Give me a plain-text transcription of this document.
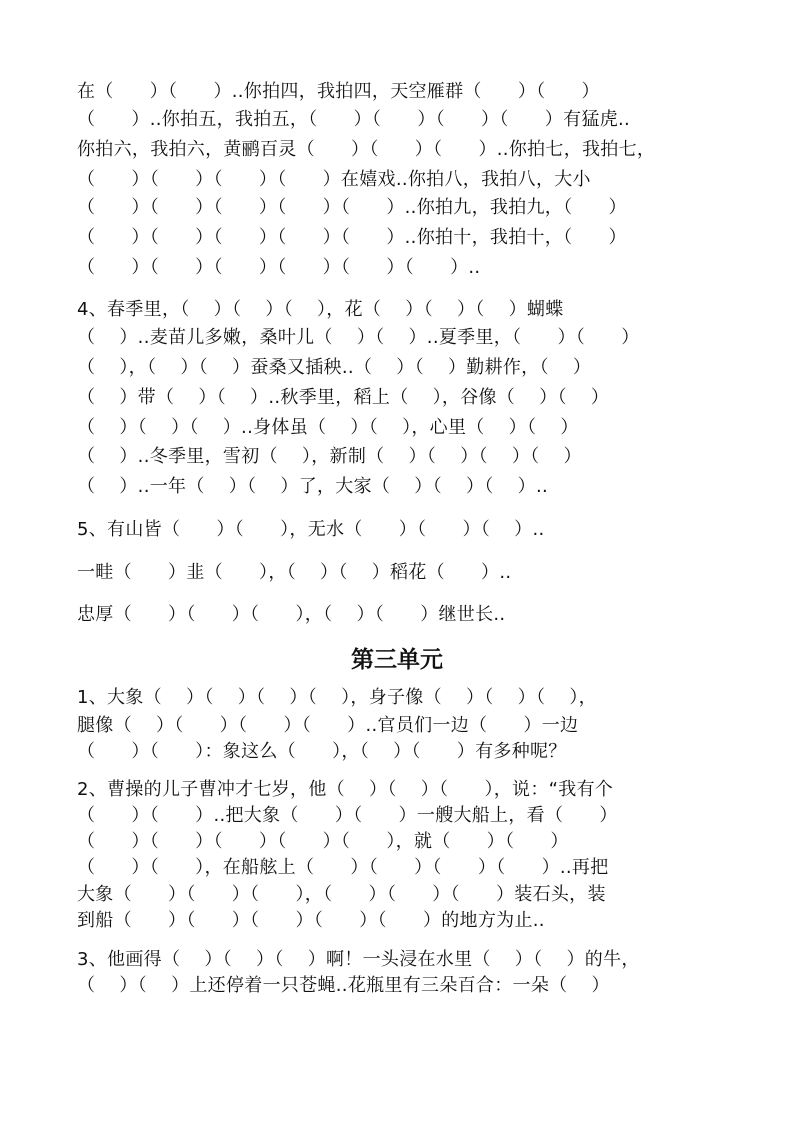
在（      ）（      ）..你拍四，我拍四，天空雁群（      ）（      ）
（      ）..你拍五，我拍五，（      ）（      ）（      ）（      ）有猛虎..
你拍六，我拍六，黄鹂百灵（      ）（      ）（      ）..你拍七，我拍七，
（      ）（      ）（      ）（      ）在嬉戏..你拍八，我拍八，大小
（      ）（      ）（      ）（      ）（      ）..你拍九，我拍九，（      ）
（      ）（      ）（      ）（      ）（      ）..你拍十，我拍十，（      ）
（      ）（      ）（      ）（      ）（      ）（      ）..
4、春季里，（    ）（    ）（    ），花（    ）（    ）（    ）蝴蝶
（    ）..麦苗儿多嫩，桑叶儿（    ）（    ）..夏季里，（      ）（      ）
（    ），（    ）（    ）蚕桑又插秧..（    ）（    ）勤耕作，（    ）
（    ）带（    ）（    ）..秋季里，稻上（    ），谷像（    ）（    ）
（    ）（    ）（    ）..身体虽（    ）（    ），心里（    ）（    ）
（    ）..冬季里，雪初（    ），新制（    ）（    ）（    ）（    ）
（    ）..一年（    ）（    ）了，大家（    ）（    ）（    ）..
5、有山皆（      ）（      ），无水（      ）（      ）（    ）..
一畦（      ）韭（      ），（    ）（    ）稻花（      ）..
忠厚（      ）（      ）（      ），（    ）（      ）继世长..
第三单元
1、大象（    ）（    ）（    ）（    ），身子像（    ）（    ）（    ），
腿像（    ）（      ）（      ）（      ）..官员们一边（      ）一边
（      ）（      ）：象这么（      ），（    ）（      ）有多种呢？
2、曹操的儿子曹冲才七岁，他（    ）（    ）（      ），说：“我有个
（      ）（      ）..把大象（      ）（      ）一艘大船上，看（      ）
（      ）（      ）（      ）（      ）（      ），就（      ）（      ）
（      ）（      ），在船舷上（      ）（      ）（      ）（      ）..再把
大象（      ）（      ）（      ），（      ）（      ）（      ）装石头，装
到船（      ）（      ）（      ）（      ）（      ）的地方为止..
3、他画得（    ）（    ）（    ）啊！一头浸在水里（    ）（    ）的牛，
（    ）（    ）上还停着一只苍蝇..花瓶里有三朵百合：一朵（    ）
